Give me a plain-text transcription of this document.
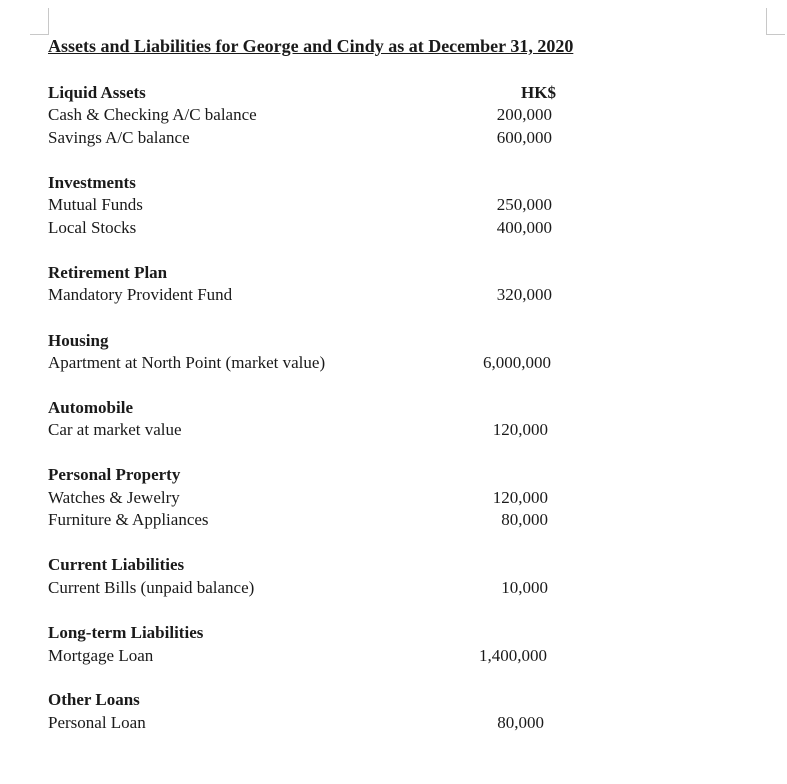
Assets and Liabilities for George and Cindy as at December 31, 2020
Liquid Assets	HK$
Cash & Checking A/C balance	200,000
Savings A/C balance	600,000
Investments
Mutual Funds	250,000
Local Stocks	400,000
Retirement Plan
Mandatory Provident Fund	320,000
Housing
Apartment at North Point (market value)	6,000,000
Automobile
Car at market value	120,000
Personal Property
Watches & Jewelry	120,000
Furniture & Appliances	80,000
Current Liabilities
Current Bills (unpaid balance)	10,000
Long-term Liabilities
Mortgage Loan	1,400,000
Other Loans
Personal Loan	80,000
